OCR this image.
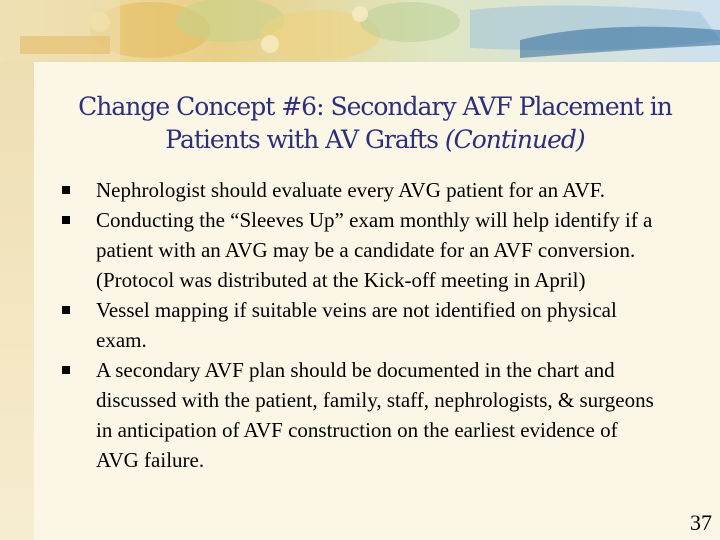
Change Concept #6: Secondary AVF Placement in Patients with AV Grafts (Continued)
Nephrologist should evaluate every AVG patient for an AVF.
Conducting the “Sleeves Up” exam monthly will help identify if a patient with an AVG may be a candidate for an AVF conversion. (Protocol was distributed at the Kick-off meeting in April)
Vessel mapping if suitable veins are not identified on physical exam.
A secondary AVF plan should be documented in the chart and discussed with the patient, family, staff, nephrologists, & surgeons in anticipation of AVF construction on the earliest evidence of AVG failure.
37
